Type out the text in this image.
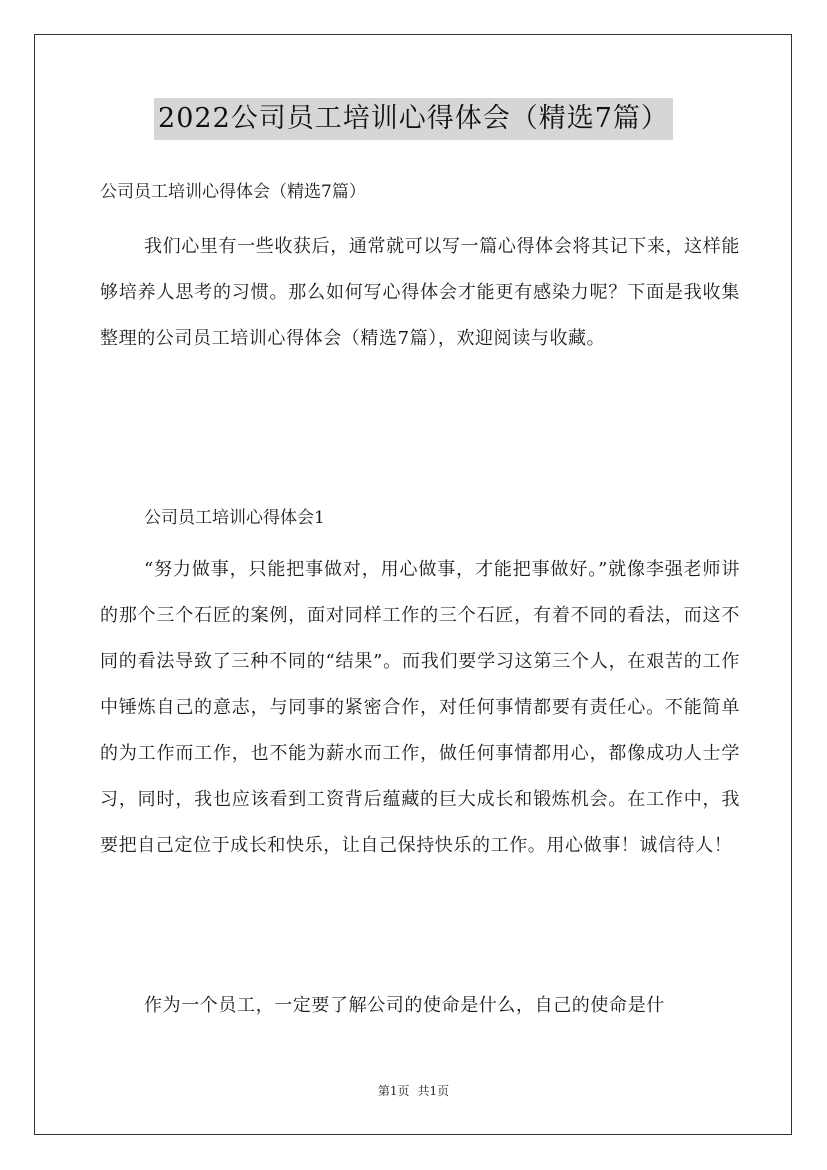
2022公司员工培训心得体会（精选7篇）
公司员工培训心得体会（精选7篇）

我们心里有一些收获后，通常就可以写一篇心得体会将其记下来，这样能够培养人思考的习惯。那么如何写心得体会才能更有感染力呢？下面是我收集整理的公司员工培训心得体会（精选7篇），欢迎阅读与收藏。

公司员工培训心得体会1

“努力做事，只能把事做对，用心做事，才能把事做好。”就像李强老师讲的那个三个石匠的案例，面对同样工作的三个石匠，有着不同的看法，而这不同的看法导致了三种不同的“结果”。而我们要学习这第三个人，在艰苦的工作中锤炼自己的意志，与同事的紧密合作，对任何事情都要有责任心。不能简单的为工作而工作，也不能为薪水而工作，做任何事情都用心，都像成功人士学习，同时，我也应该看到工资背后蕴藏的巨大成长和锻炼机会。在工作中，我要把自己定位于成长和快乐，让自己保持快乐的工作。用心做事！诚信待人！

作为一个员工，一定要了解公司的使命是什么，自己的使命是什

第1页 共1页
